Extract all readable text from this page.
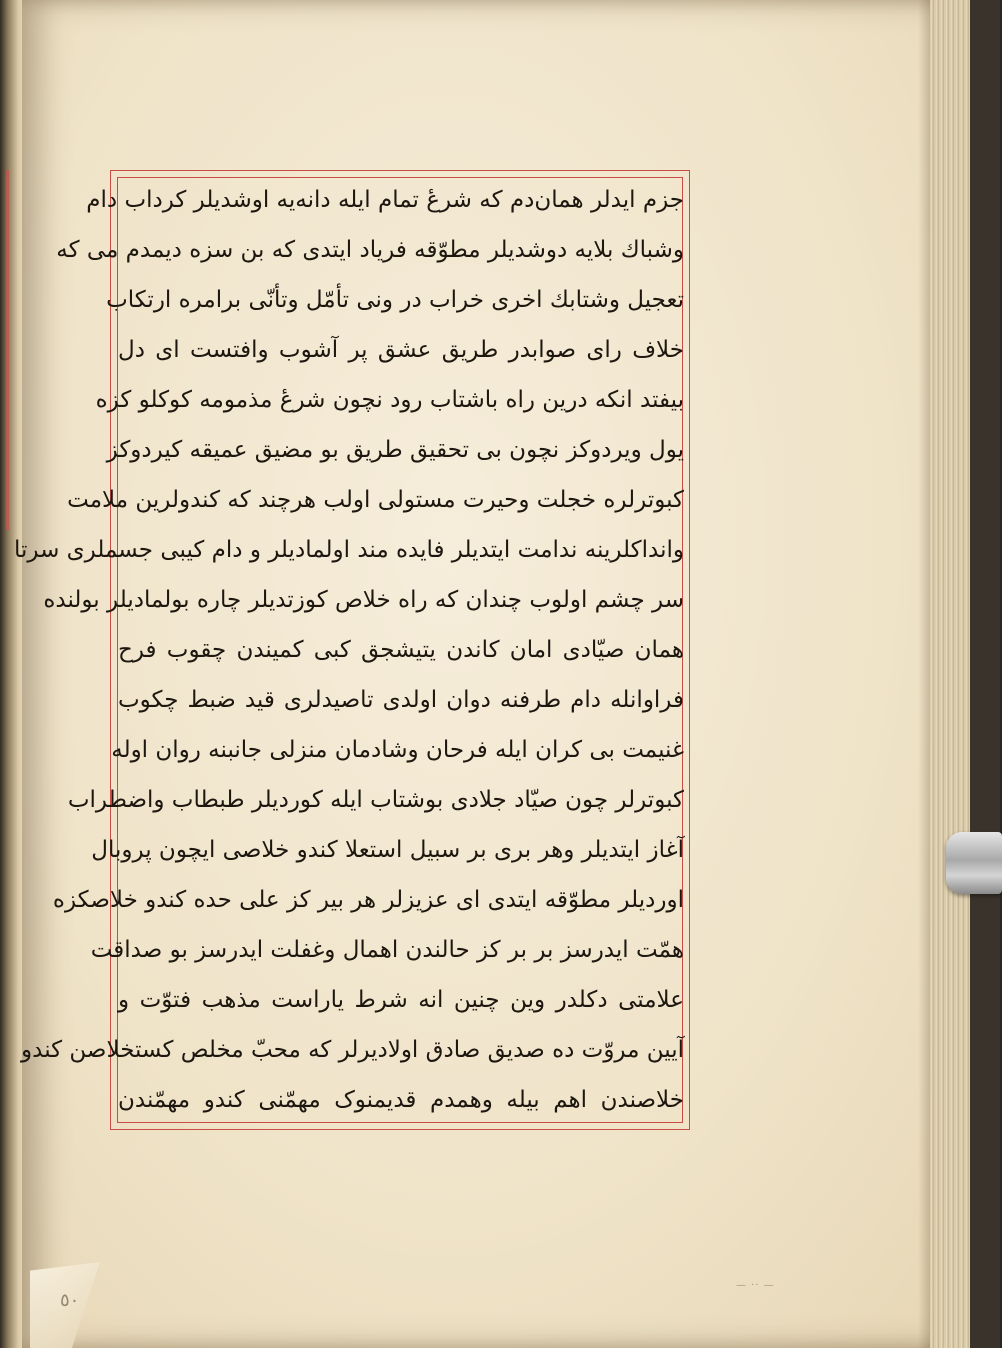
جزم ایدلر همان‌دم که شرعٔ تمام ایله دانه‌یه اوشدیلر کرداب دام
وشباك بلایه دوشدیلر مطوّقه فریاد ایتدی که بن سزه دیمدم می که
تعجیل وشتابك اخری خراب در ونی تأمّل وتأنّی برامره ارتکاب
خلاف رای صوابدر طریق عشق پر آشوب وافتست ای دل
بیفتد انکه درین راه باشتاب رود نچون شرعٔ مذمومه کوکلو کزه
یول ویردوکز نچون بی تحقیق طریق بو مضیق عمیقه کیردوکز
کبوترلره خجلت وحیرت مستولی اولب هرچند که کندولرین ملامت
وانداکلرینه ندامت ایتدیلر فایده مند اولمادیلر و دام کیبی جسملری سرتا
سر چشم اولوب چندان که راه خلاص کوزتدیلر چاره بولمادیلر بولنده
همان صیّادی امان کاندن یتیشجق کبی کمیندن چقوب فرح
فراوانله دام طرفنه دوان اولدی تاصیدلری قید ضبط چکوب
غنیمت بی کران ایله فرحان وشادمان منزلی جانبنه روان اوله
کبوترلر چون صیّاد جلادی بوشتاب ایله کوردیلر طبطاب واضطراب
آغاز ایتدیلر وهر بری بر سبیل استعلا کندو خلاصی ایچون پروبال
اوردیلر مطوّقه ایتدی ای عزیزلر هر بیر کز علی حده کندو خلاصکزه
همّت ایدرسز بر بر کز حالندن اهمال وغفلت ایدرسز بو صداقت
علامتی دکلدر وین چنین انه شرط یاراست مذهب فتوّت و
آیین مروّت ده صدیق صادق اولادیرلر که محبّ مخلص کستخلاصن کندو
خلاصندن اهم بیله وهمدم قدیمنوک مهمّنی کندو مهمّندن
٥٠
— ·· —
